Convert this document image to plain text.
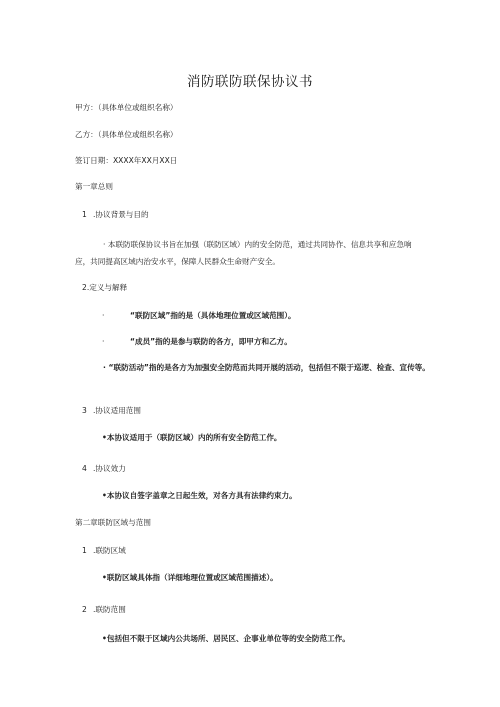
消防联防联保协议书
甲方：（具体单位或组织名称）
乙方：（具体单位或组织名称）
签订日期：XXXX年XX月XX日
第一章总则
1 .协议背景与目的
· 本联防联保协议书旨在加强（联防区域）内的安全防范，通过共同协作、信息共享和应急响应，共同提高区域内治安水平，保障人民群众生命财产安全。
2.定义与解释
·	“联防区域”指的是（具体地理位置或区域范围）。
·	“成员”指的是参与联防的各方，即甲方和乙方。
· “联防活动”指的是各方为加强安全防范而共同开展的活动，包括但不限于巡逻、检查、宣传等。
3 .协议适用范围
•本协议适用于（联防区域）内的所有安全防范工作。
4 .协议效力
•本协议自签字盖章之日起生效，对各方具有法律约束力。
第二章联防区域与范围
1 .联防区域
•联防区域具体指（详细地理位置或区域范围描述）。
2 .联防范围
•包括但不限于区域内公共场所、居民区、企事业单位等的安全防范工作。
